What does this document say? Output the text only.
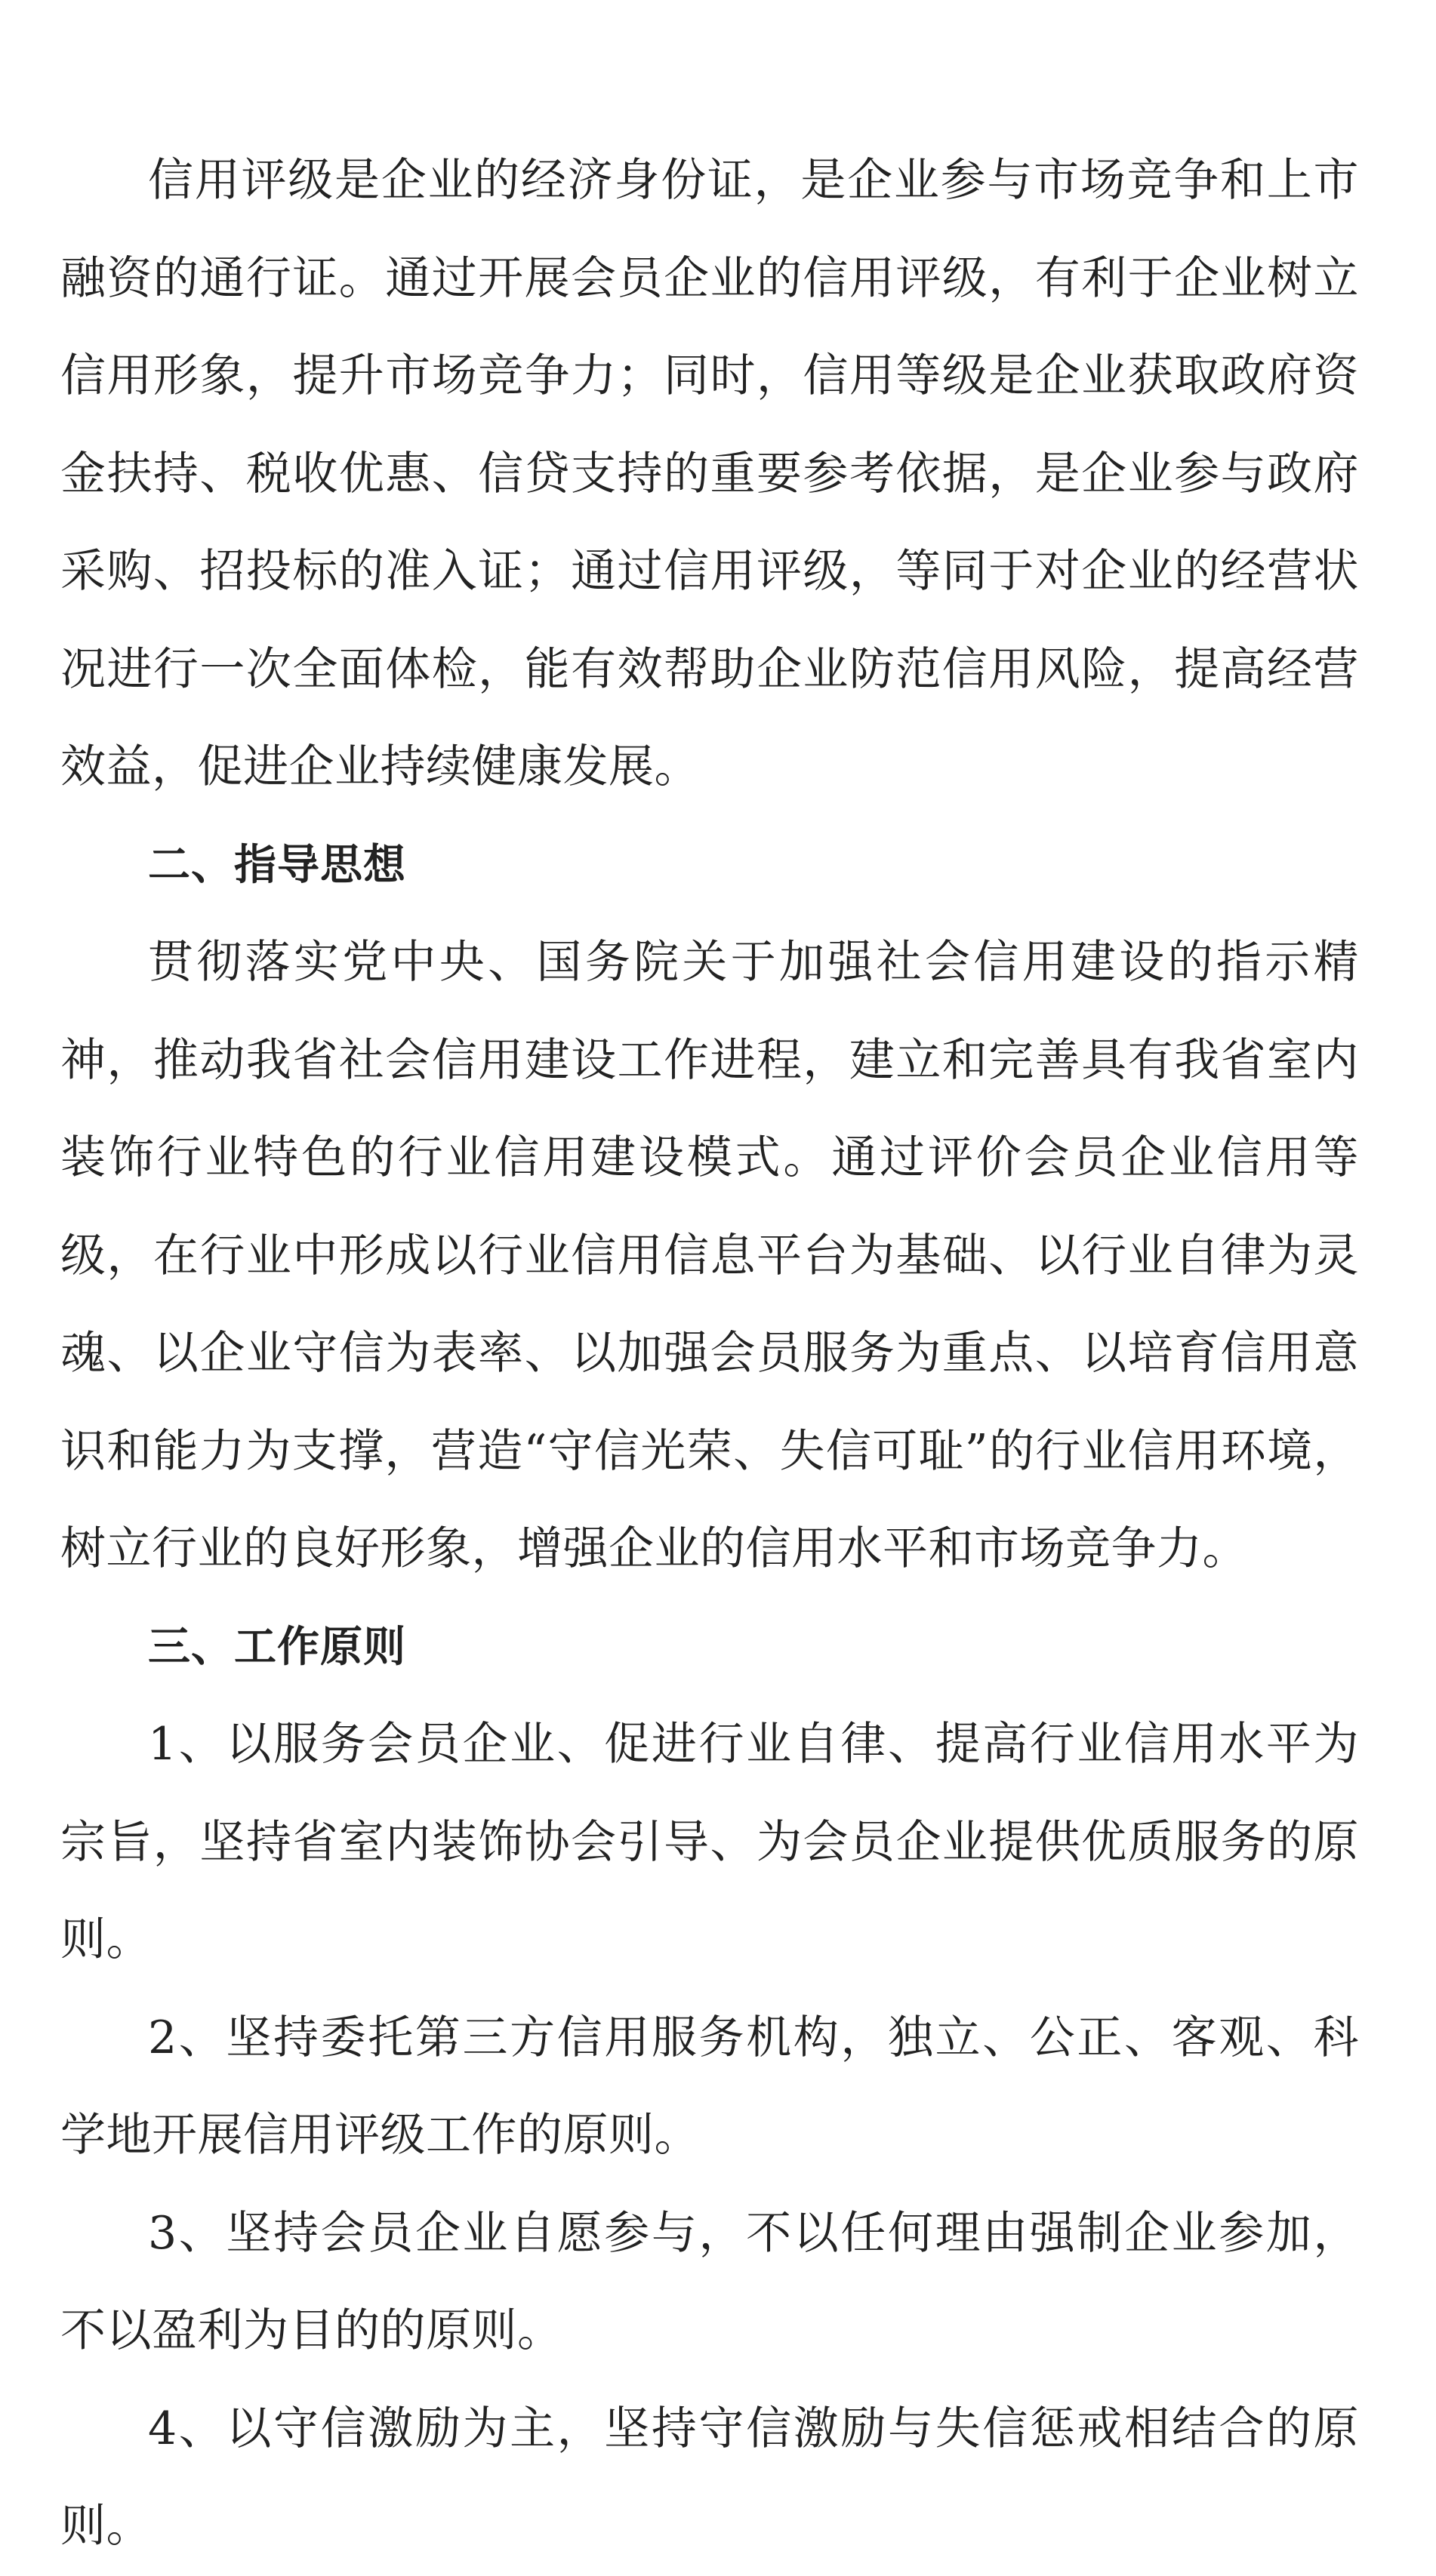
信用评级是企业的经济身份证，是企业参与市场竞争和上市融资的通行证。通过开展会员企业的信用评级，有利于企业树立信用形象，提升市场竞争力；同时，信用等级是企业获取政府资金扶持、税收优惠、信贷支持的重要参考依据，是企业参与政府采购、招投标的准入证；通过信用评级，等同于对企业的经营状况进行一次全面体检，能有效帮助企业防范信用风险，提高经营效益，促进企业持续健康发展。

二、指导思想

贯彻落实党中央、国务院关于加强社会信用建设的指示精神，推动我省社会信用建设工作进程，建立和完善具有我省室内装饰行业特色的行业信用建设模式。通过评价会员企业信用等级，在行业中形成以行业信用信息平台为基础、以行业自律为灵魂、以企业守信为表率、以加强会员服务为重点、以培育信用意识和能力为支撑，营造“守信光荣、失信可耻”的行业信用环境，树立行业的良好形象，增强企业的信用水平和市场竞争力。

三、工作原则

1、以服务会员企业、促进行业自律、提高行业信用水平为宗旨，坚持省室内装饰协会引导、为会员企业提供优质服务的原则。

2、坚持委托第三方信用服务机构，独立、公正、客观、科学地开展信用评级工作的原则。

3、坚持会员企业自愿参与，不以任何理由强制企业参加，不以盈利为目的的原则。

4、以守信激励为主，坚持守信激励与失信惩戒相结合的原则。
